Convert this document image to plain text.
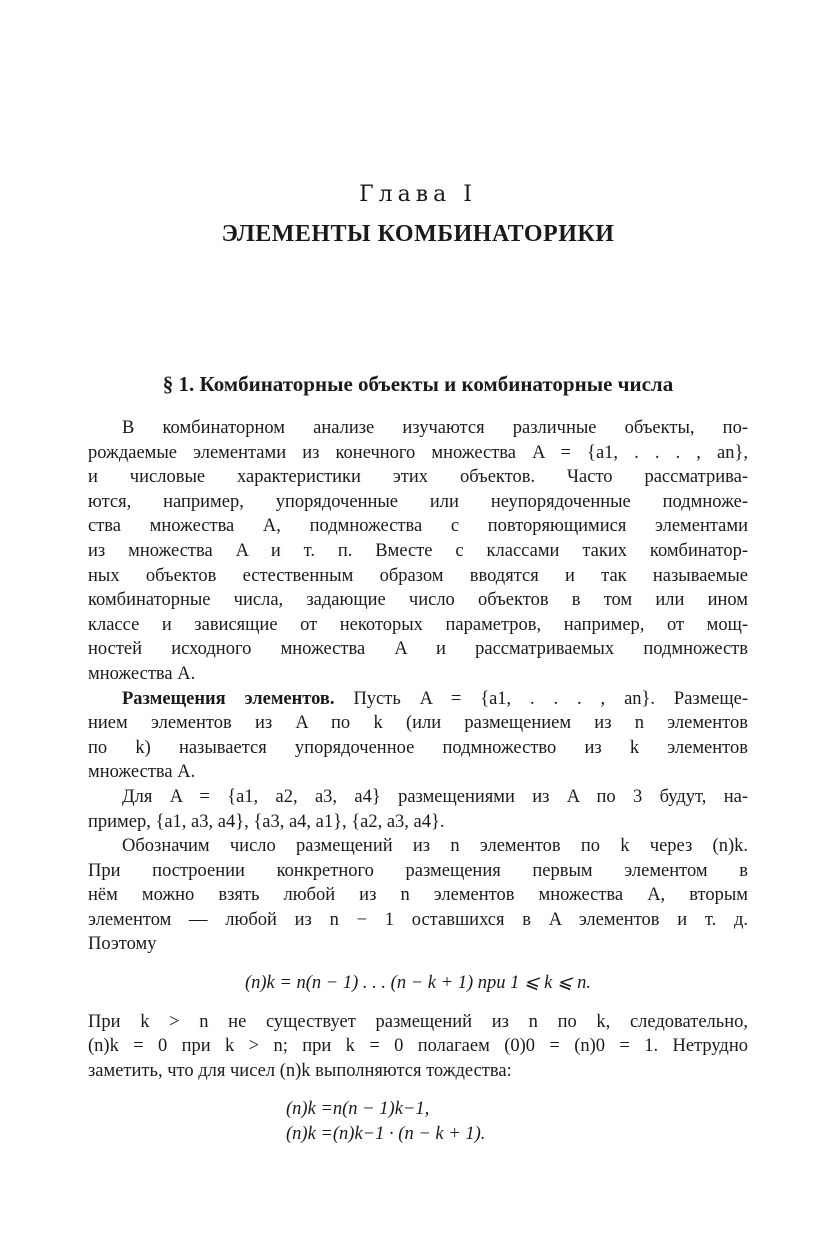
Глава I
ЭЛЕМЕНТЫ КОМБИНАТОРИКИ
§ 1. Комбинаторные объекты и комбинаторные числа
В комбинаторном анализе изучаются различные объекты, по-
рождаемые элементами из конечного множества A = {a1, . . . , an},
и числовые характеристики этих объектов. Часто рассматрива-
ются, например, упорядоченные или неупорядоченные подмноже-
ства множества A, подмножества с повторяющимися элементами
из множества A и т. п. Вместе с классами таких комбинатор-
ных объектов естественным образом вводятся и так называемые
комбинаторные числа, задающие число объектов в том или ином
классе и зависящие от некоторых параметров, например, от мощ-
ностей исходного множества A и рассматриваемых подмножеств
множества A.
Размещения элементов. Пусть A = {a1, . . . , an}. Размеще-
нием элементов из A по k (или размещением из n элементов
по k) называется упорядоченное подмножество из k элементов
множества A.
Для A = {a1, a2, a3, a4} размещениями из A по 3 будут, на-
пример, {a1, a3, a4}, {a3, a4, a1}, {a2, a3, a4}.
Обозначим число размещений из n элементов по k через (n)k.
При построении конкретного размещения первым элементом в
нём можно взять любой из n элементов множества A, вторым
элементом — любой из n − 1 оставшихся в A элементов и т. д.
Поэтому
(n)k = n(n − 1) . . . (n − k + 1) при 1 ⩽ k ⩽ n.
При k > n не существует размещений из n по k, следовательно,
(n)k = 0 при k > n; при k = 0 полагаем (0)0 = (n)0 = 1. Нетрудно
заметить, что для чисел (n)k выполняются тождества:
(n)k =n(n − 1)k−1,
(n)k =(n)k−1 · (n − k + 1).
